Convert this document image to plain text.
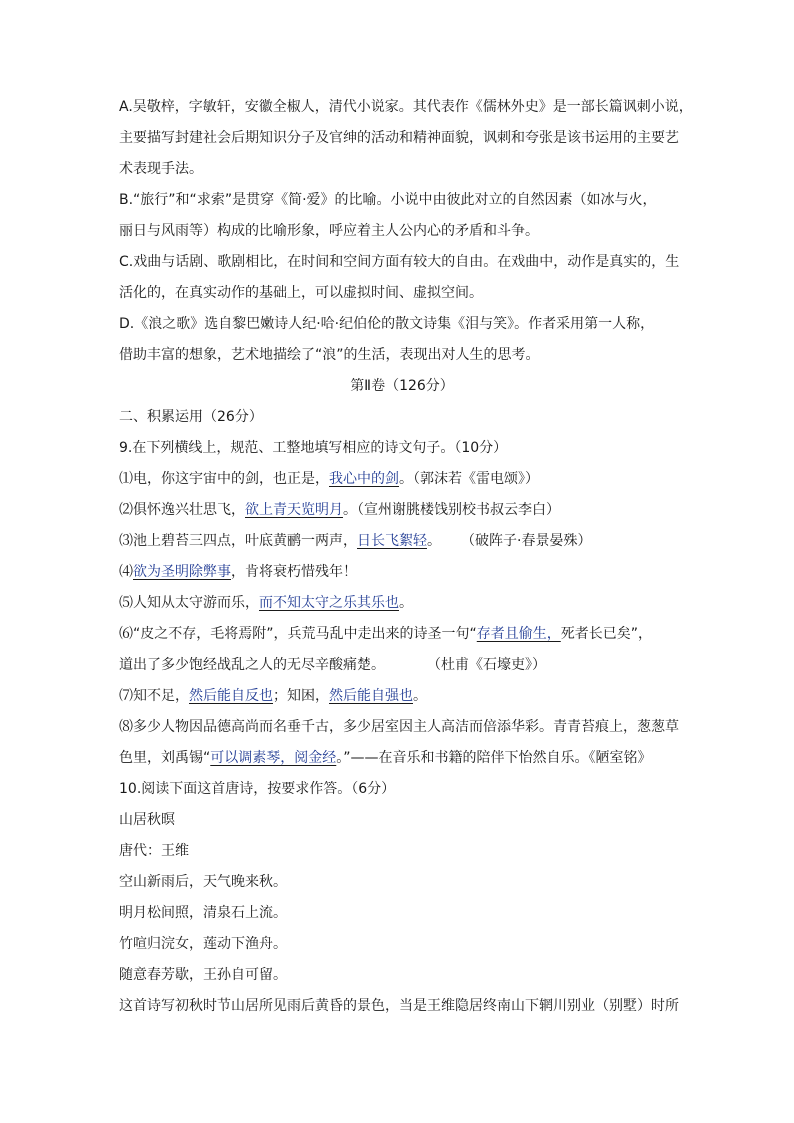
A.吴敬梓，字敏轩，安徽全椒人，清代小说家。其代表作《儒林外史》是一部长篇讽刺小说，
主要描写封建社会后期知识分子及官绅的活动和精神面貌，讽刺和夸张是该书运用的主要艺
术表现手法。
B.“旅行”和“求索”是贯穿《简·爱》的比喻。小说中由彼此对立的自然因素（如冰与火，
丽日与风雨等）构成的比喻形象，呼应着主人公内心的矛盾和斗争。
C.戏曲与话剧、歌剧相比，在时间和空间方面有较大的自由。在戏曲中，动作是真实的，生
活化的，在真实动作的基础上，可以虚拟时间、虚拟空间。
D.《浪之歌》选自黎巴嫩诗人纪·哈·纪伯伦的散文诗集《泪与笑》。作者采用第一人称，
借助丰富的想象，艺术地描绘了“浪”的生活，表现出对人生的思考。
第Ⅱ卷（126分）
二、积累运用（26分）
9.在下列横线上，规范、工整地填写相应的诗文句子。（10分）
⑴电，你这宇宙中的剑，也正是，我心中的剑。（郭沫若《雷电颂》）
⑵俱怀逸兴壮思飞，欲上青天览明月。（宣州谢朓楼饯别校书叔云李白）
⑶池上碧苔三四点，叶底黄鹂一两声，日长飞絮轻。 （破阵子·春景晏殊）
⑷欲为圣明除弊事，肯将衰朽惜残年！
⑸人知从太守游而乐，而不知太守之乐其乐也。
⑹“皮之不存，毛将焉附”，兵荒马乱中走出来的诗圣一句“存者且偷生，死者长已矣”，
道出了多少饱经战乱之人的无尽辛酸痛楚。	（杜甫《石壕吏》）
⑺知不足，然后能自反也；知困，然后能自强也。
⑻多少人物因品德高尚而名垂千古，多少居室因主人高洁而倍添华彩。青青苔痕上，葱葱草
色里，刘禹锡“可以调素琴，阅金经。”——在音乐和书籍的陪伴下怡然自乐。《陋室铭》
10.阅读下面这首唐诗，按要求作答。（6分）
山居秋暝
唐代：王维
空山新雨后，天气晚来秋。
明月松间照，清泉石上流。
竹喧归浣女，莲动下渔舟。
随意春芳歇，王孙自可留。
这首诗写初秋时节山居所见雨后黄昏的景色，当是王维隐居终南山下辋川别业（别墅）时所
